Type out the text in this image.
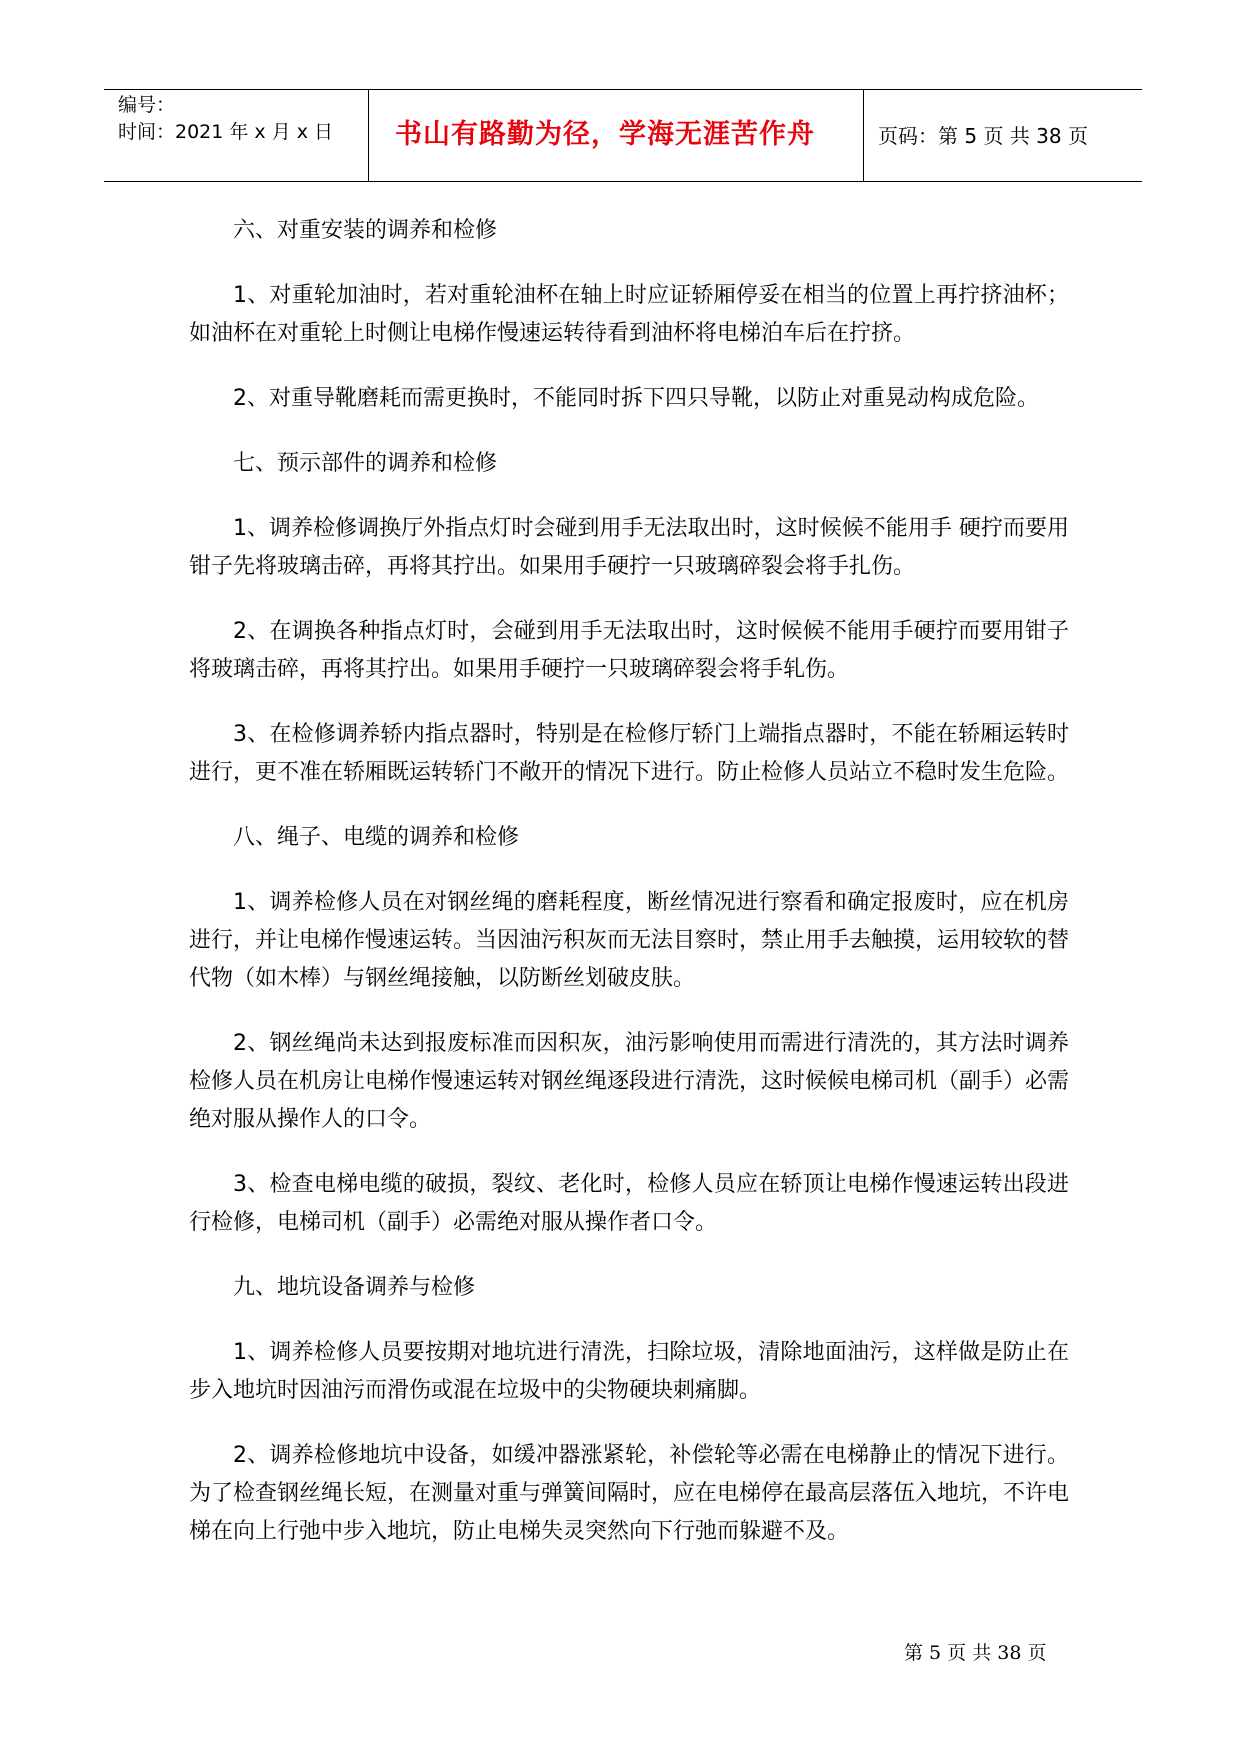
编号：
时间：2021 年 x 月 x 日 书山有路勤为径，学海无涯苦作舟	页码：第 5 页 共 38 页

六、对重安装的调养和检修

1、对重轮加油时，若对重轮油杯在轴上时应证轿厢停妥在相当的位置上再拧挤油杯；如油杯在对重轮上时侧让电梯作慢速运转待看到油杯将电梯泊车后在拧挤。

2、对重导靴磨耗而需更换时，不能同时拆下四只导靴，以防止对重晃动构成危险。

七、预示部件的调养和检修

1、调养检修调换厅外指点灯时会碰到用手无法取出时，这时候候不能用手 硬拧而要用钳子先将玻璃击碎，再将其拧出。如果用手硬拧一只玻璃碎裂会将手扎伤。

2、在调换各种指点灯时，会碰到用手无法取出时，这时候候不能用手硬拧而要用钳子将玻璃击碎，再将其拧出。如果用手硬拧一只玻璃碎裂会将手轧伤。

3、在检修调养轿内指点器时，特别是在检修厅轿门上端指点器时，不能在轿厢运转时进行，更不准在轿厢既运转轿门不敞开的情况下进行。防止检修人员站立不稳时发生危险。

八、绳子、电缆的调养和检修

1、调养检修人员在对钢丝绳的磨耗程度，断丝情况进行察看和确定报废时，应在机房进行，并让电梯作慢速运转。当因油污积灰而无法目察时，禁止用手去触摸，运用较软的替代物（如木棒）与钢丝绳接触，以防断丝划破皮肤。

2、钢丝绳尚未达到报废标准而因积灰，油污影响使用而需进行清洗的，其方法时调养检修人员在机房让电梯作慢速运转对钢丝绳逐段进行清洗，这时候候电梯司机（副手）必需绝对服从操作人的口令。

3、检查电梯电缆的破损，裂纹、老化时，检修人员应在轿顶让电梯作慢速运转出段进行检修，电梯司机（副手）必需绝对服从操作者口令。

九、地坑设备调养与检修

1、调养检修人员要按期对地坑进行清洗，扫除垃圾，清除地面油污，这样做是防止在步入地坑时因油污而滑伤或混在垃圾中的尖物硬块刺痛脚。

2、调养检修地坑中设备，如缓冲器涨紧轮，补偿轮等必需在电梯静止的情况下进行。为了检查钢丝绳长短，在测量对重与弹簧间隔时，应在电梯停在最高层落伍入地坑，不许电梯在向上行弛中步入地坑，防止电梯失灵突然向下行弛而躲避不及。

第 5 页 共 38 页
